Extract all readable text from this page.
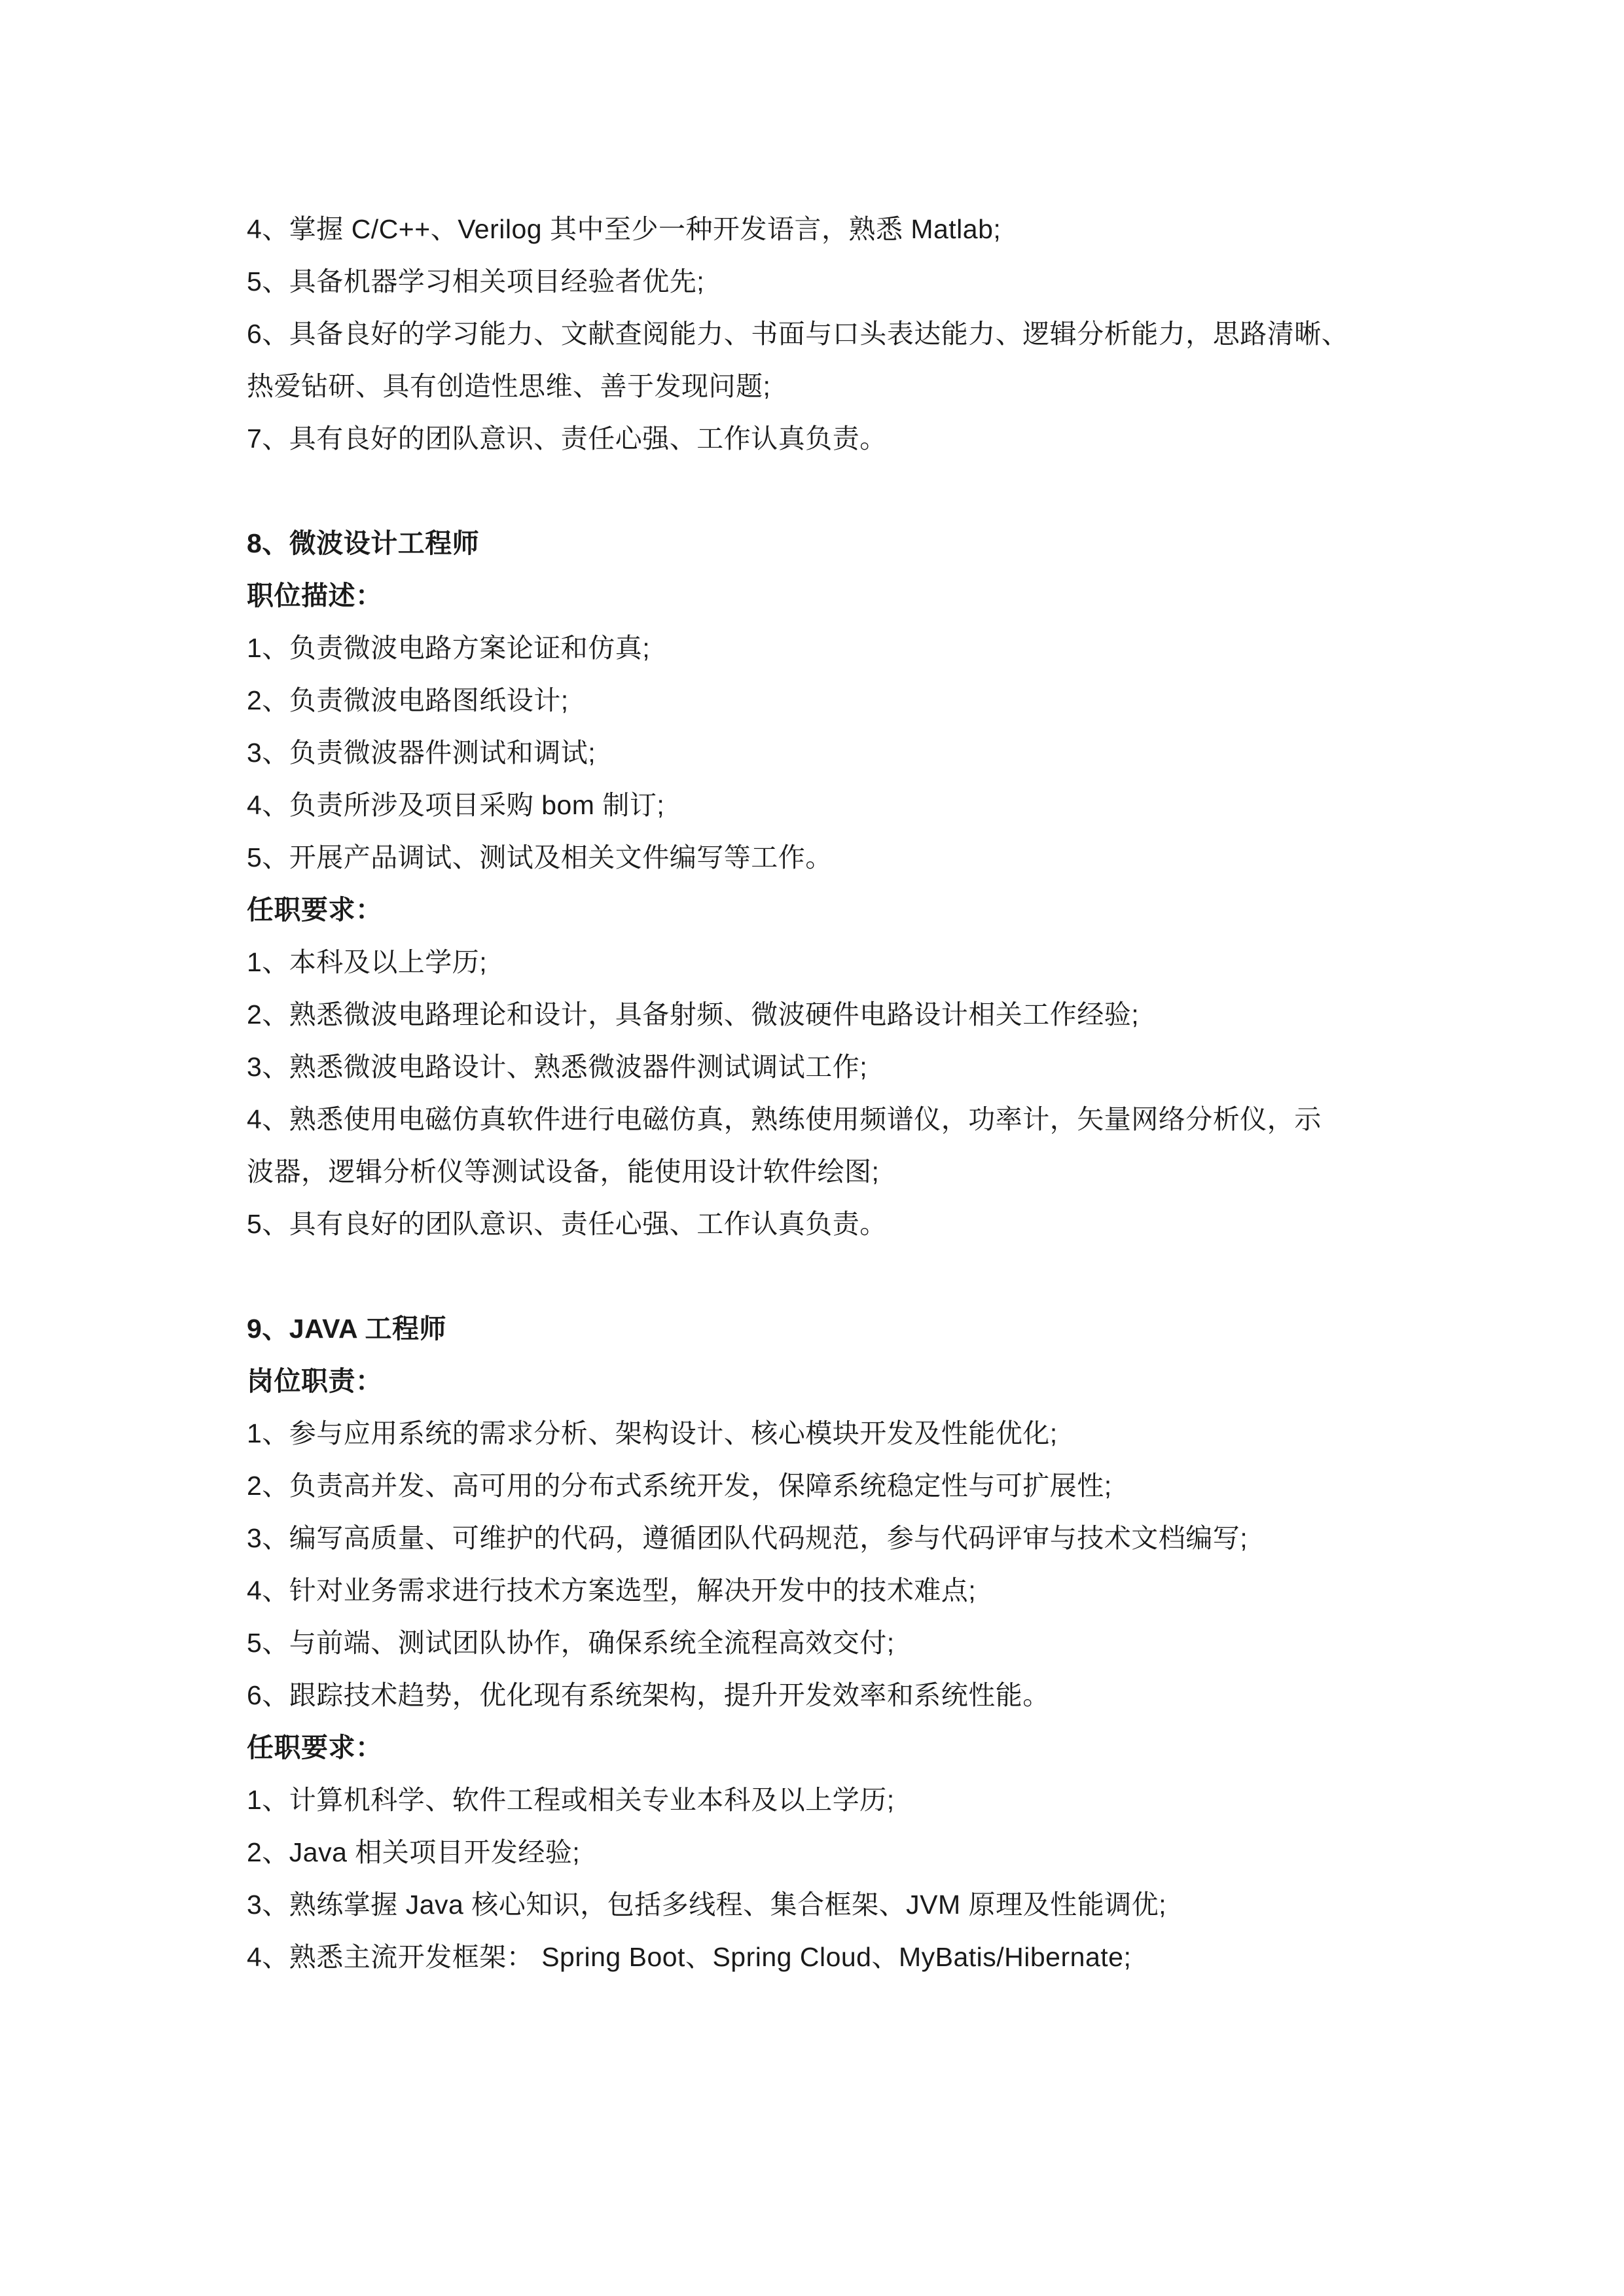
4、掌握 C/C++、Verilog 其中至少一种开发语言，熟悉 Matlab;
5、具备机器学习相关项目经验者优先;
6、具备良好的学习能力、文献查阅能力、书面与口头表达能力、逻辑分析能力，思路清晰、
热爱钻研、具有创造性思维、善于发现问题;
7、具有良好的团队意识、责任心强、工作认真负责。
8、微波设计工程师
职位描述：
1、负责微波电路方案论证和仿真;
2、负责微波电路图纸设计;
3、负责微波器件测试和调试;
4、负责所涉及项目采购 bom 制订;
5、开展产品调试、测试及相关文件编写等工作。
任职要求：
1、本科及以上学历;
2、熟悉微波电路理论和设计，具备射频、微波硬件电路设计相关工作经验;
3、熟悉微波电路设计、熟悉微波器件测试调试工作;
4、熟悉使用电磁仿真软件进行电磁仿真，熟练使用频谱仪，功率计，矢量网络分析仪，示
波器，逻辑分析仪等测试设备，能使用设计软件绘图;
5、具有良好的团队意识、责任心强、工作认真负责。
9、JAVA 工程师
岗位职责：
1、参与应用系统的需求分析、架构设计、核心模块开发及性能优化;
2、负责高并发、高可用的分布式系统开发，保障系统稳定性与可扩展性;
3、编写高质量、可维护的代码，遵循团队代码规范，参与代码评审与技术文档编写;
4、针对业务需求进行技术方案选型，解决开发中的技术难点;
5、与前端、测试团队协作，确保系统全流程高效交付;
6、跟踪技术趋势，优化现有系统架构，提升开发效率和系统性能。
任职要求：
1、计算机科学、软件工程或相关专业本科及以上学历;
2、Java 相关项目开发经验;
3、熟练掌握 Java 核心知识，包括多线程、集合框架、JVM 原理及性能调优;
4、熟悉主流开发框架： Spring Boot、Spring Cloud、MyBatis/Hibernate;
